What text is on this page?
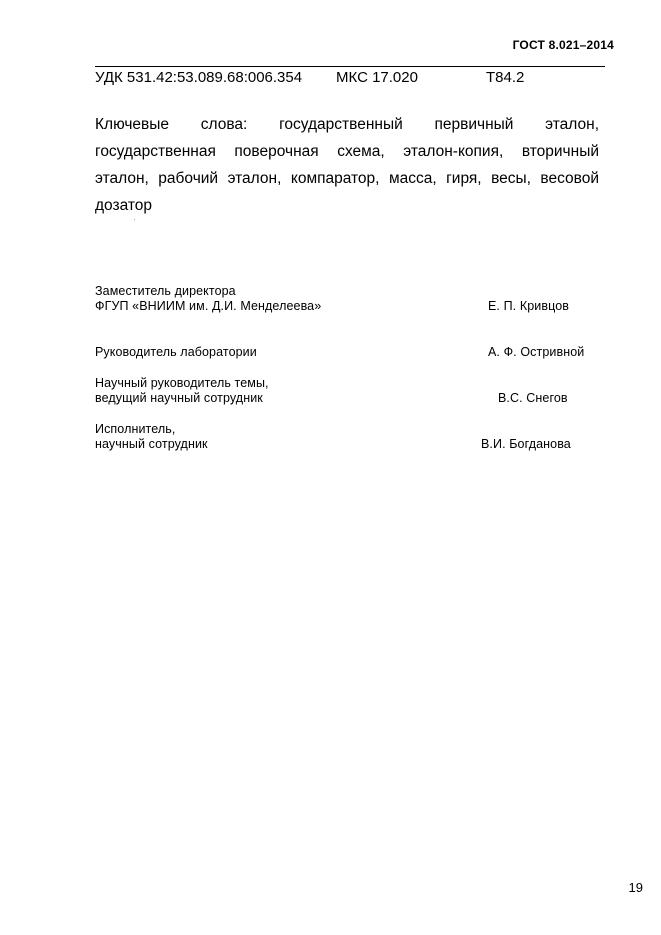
ГОСТ 8.021–2014
УДК 531.42:53.089.68:006.354 МКС 17.020	Т84.2
Ключевые слова: государственный первичный эталон, государственная поверочная схема, эталон-копия, вторичный эталон, рабочий эталон, компаратор, масса, гиря, весы, весовой дозатор
Заместитель директора
ФГУП «ВНИИМ им. Д.И. Менделеева»	Е. П. Кривцов
Руководитель лаборатории	А. Ф. Остривной
Научный руководитель темы,
ведущий научный сотрудник	В.С. Снегов
Исполнитель,
научный сотрудник	В.И. Богданова
19
